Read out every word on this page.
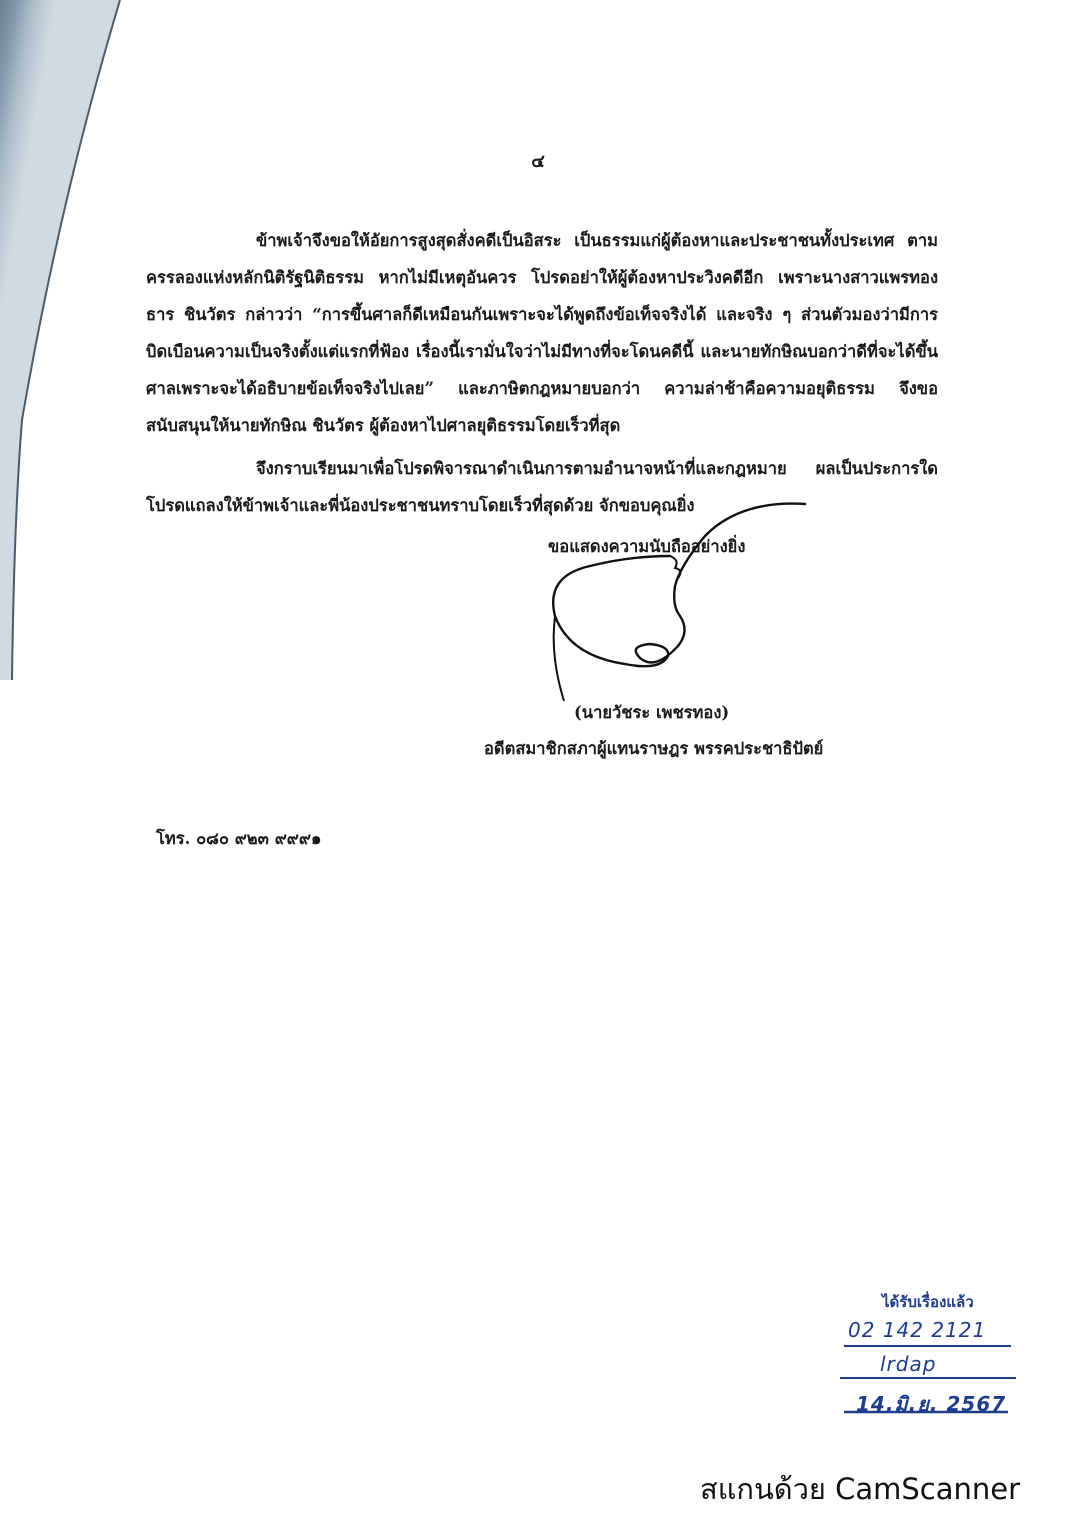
๔

ข้าพเจ้าจึงขอให้อัยการสูงสุดสั่งคดีเป็นอิสระ เป็นธรรมแก่ผู้ต้องหาและประชาชนทั้งประเทศ ตามครรลองแห่งหลักนิติรัฐนิติธรรม หากไม่มีเหตุอันควร โปรดอย่าให้ผู้ต้องหาประวิงคดีอีก เพราะนางสาวแพรทองธาร ชินวัตร กล่าวว่า “การขึ้นศาลก็ดีเหมือนกันเพราะจะได้พูดถึงข้อเท็จจริงได้ และจริง ๆ ส่วนตัวมองว่ามีการบิดเบือนความเป็นจริงตั้งแต่แรกที่ฟ้อง เรื่องนี้เรามั่นใจว่าไม่มีทางที่จะโดนคดีนี้ และนายทักษิณบอกว่าดีที่จะได้ขึ้นศาลเพราะจะได้อธิบายข้อเท็จจริงไปเลย” และภาษิตกฎหมายบอกว่า ความล่าช้าคือความอยุติธรรม จึงขอสนับสนุนให้นายทักษิณ ชินวัตร ผู้ต้องหาไปศาลยุติธรรมโดยเร็วที่สุด

จึงกราบเรียนมาเพื่อโปรดพิจารณาดำเนินการตามอำนาจหน้าที่และกฎหมาย ผลเป็นประการใดโปรดแถลงให้ข้าพเจ้าและพี่น้องประชาชนทราบโดยเร็วที่สุดด้วย จักขอบคุณยิ่ง

ขอแสดงความนับถืออย่างยิ่ง
(นายวัชระ เพชรทอง)
อดีตสมาชิกสภาผู้แทนราษฎร พรรคประชาธิปัตย์
โทร. ๐๘๐ ๙๒๓ ๙๙๙๑
ได้รับเรื่องแล้ว
02 142 2121
lrdap
14.มิ.ย. 2567
สแกนด้วย CamScanner
